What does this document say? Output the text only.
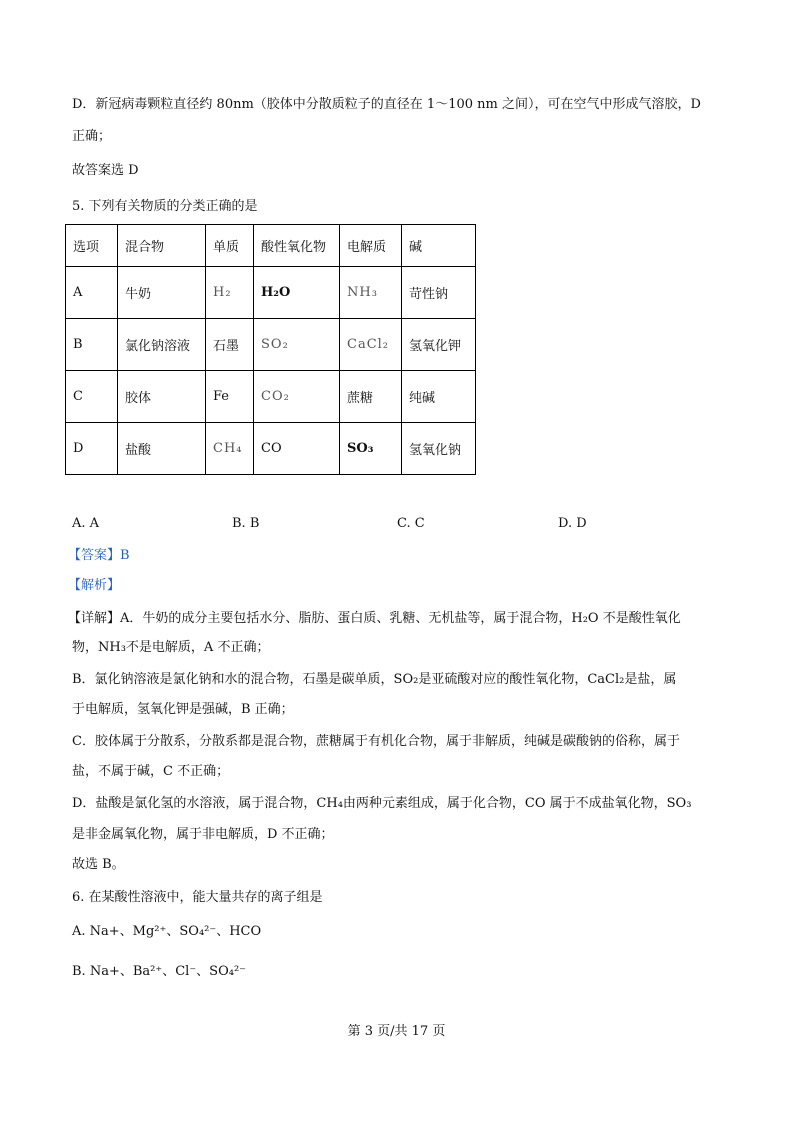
D．新冠病毒颗粒直径约 80nm（胶体中分散质粒子的直径在 1～100 nm 之间），可在空气中形成气溶胶，D
正确；
故答案选 D
5. 下列有关物质的分类正确的是
选项	混合物	单质	酸性氧化物	电解质	碱
A	牛奶	H₂	H₂O	NH₃	苛性钠
B	氯化钠溶液	石墨	SO₂	CaCl₂	氢氧化钾
C	胶体	Fe	CO₂	蔗糖	纯碱
D	盐酸	CH₄	CO	SO₃	氢氧化钠
A. A	B. B	C. C	D. D
【答案】B
【解析】
【详解】A．牛奶的成分主要包括水分、脂肪、蛋白质、乳糖、无机盐等，属于混合物，H₂O 不是酸性氧化
物，NH₃不是电解质，A 不正确；
B．氯化钠溶液是氯化钠和水的混合物，石墨是碳单质，SO₂是亚硫酸对应的酸性氧化物，CaCl₂是盐，属
于电解质，氢氧化钾是强碱，B 正确；
C．胶体属于分散系，分散系都是混合物，蔗糖属于有机化合物，属于非解质，纯碱是碳酸钠的俗称，属于
盐，不属于碱，C 不正确；
D．盐酸是氯化氢的水溶液，属于混合物，CH₄由两种元素组成，属于化合物，CO 属于不成盐氧化物，SO₃
是非金属氧化物，属于非电解质，D 不正确；
故选 B。
6. 在某酸性溶液中，能大量共存的离子组是
A. Na+、Mg²⁺、SO₄²⁻、HCO
B. Na+、Ba²⁺、Cl⁻、SO₄²⁻
第 3 页/共 17 页
